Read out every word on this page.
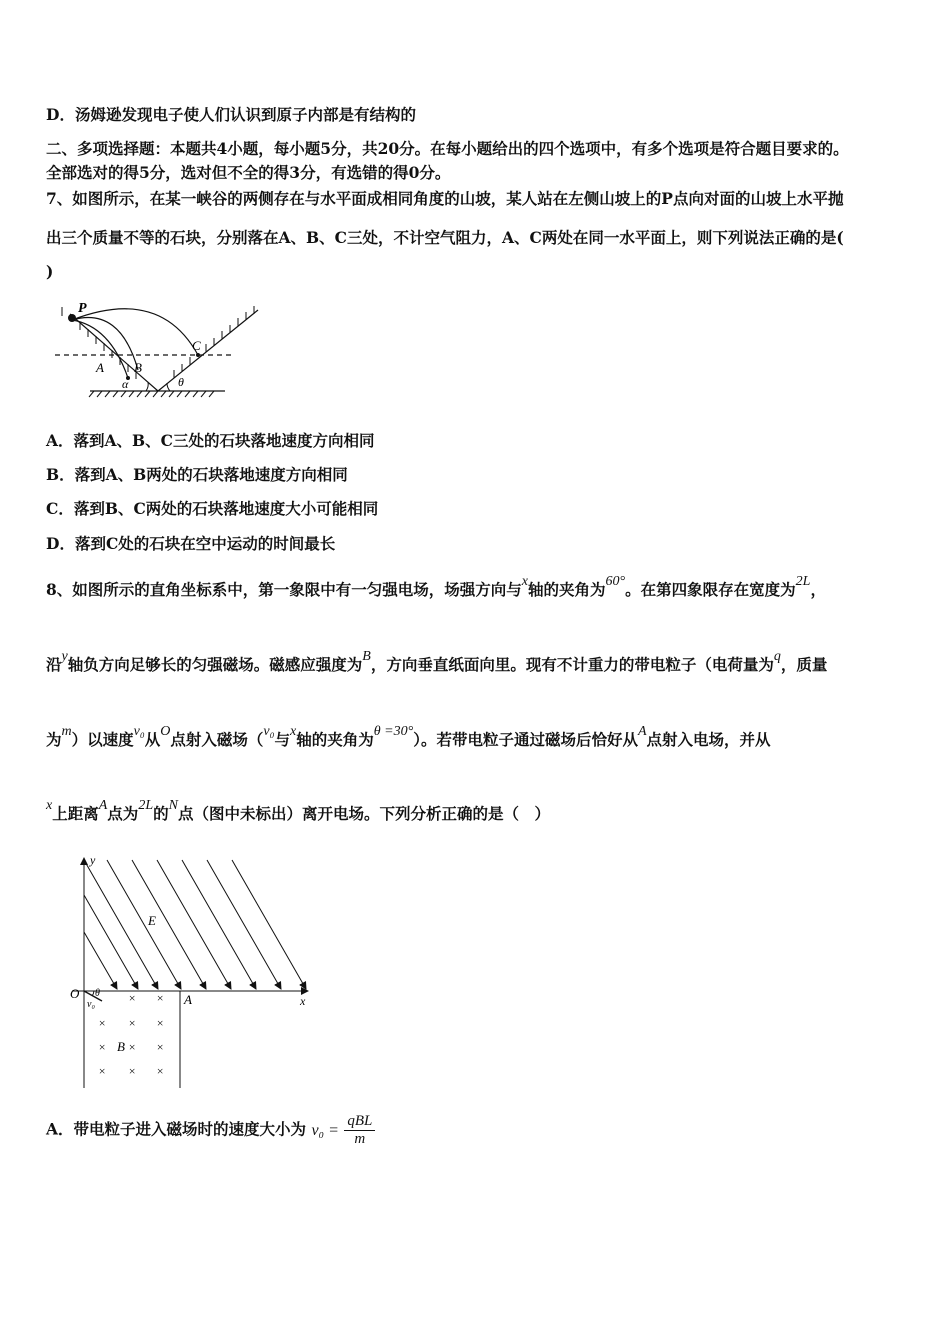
D．汤姆逊发现电子使人们认识到原子内部是有结构的
二、多项选择题：本题共4小题，每小题5分，共20分。在每小题给出的四个选项中，有多个选项是符合题目要求的。
全部选对的得5分，选对但不全的得3分，有选错的得0分。
7、如图所示，在某一峡谷的两侧存在与水平面成相同角度的山坡，某人站在左侧山坡上的P点向对面的山坡上水平抛
出三个质量不等的石块，分别落在A、B、C三处，不计空气阻力，A、C两处在同一水平面上，则下列说法正确的是(
)
P
A B
C
α	θ
A．落到A、B、C三处的石块落地速度方向相同
B．落到A、B两处的石块落地速度方向相同
C．落到B、C两处的石块落地速度大小可能相同
D．落到C处的石块在空中运动的时间最长
8、如图所示的直角坐标系中，第一象限中有一匀强电场，场强方向与x轴的夹角为60°。在第四象限存在宽度为2L，
沿y轴负方向足够长的匀强磁场。磁感应强度为B，方向垂直纸面向里。现有不计重力的带电粒子（电荷量为q，质量
为m）以速度v₀从O点射入磁场（v₀与x轴的夹角为θ =30°）。若带电粒子通过磁场后恰好从A点射入电场，并从
x上距离A点为2L的N点（图中未标出）离开电场。下列分析正确的是（　）
y
x
O	A
E
θ
v₀	× ×
× × ×
× × ×
× × ×
B
A．带电粒子进入磁场时的速度大小为 $v_0 = \frac{\text{qBL}}{m}$
